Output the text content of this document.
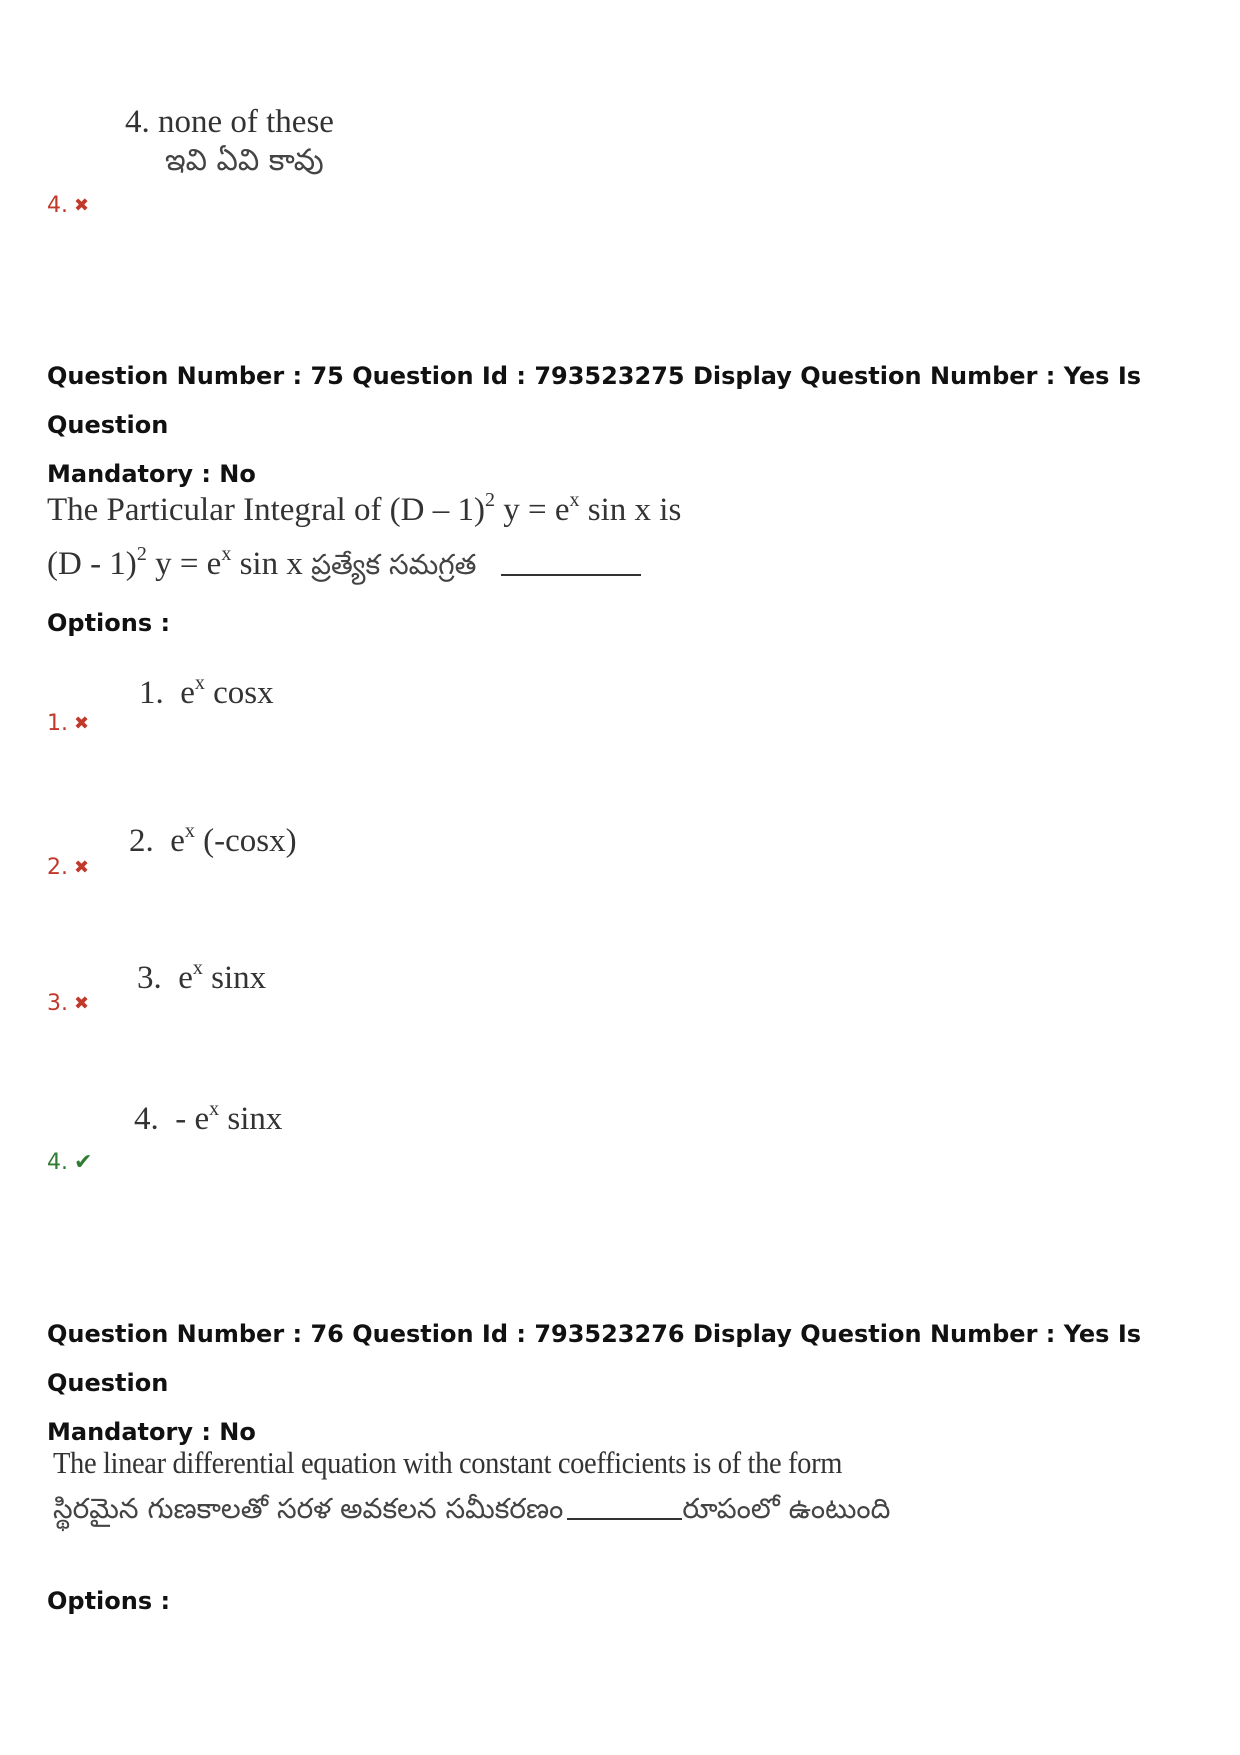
4. none of these
ఇవి ఏవి కావు
4. ✖
Question Number : 75 Question Id : 793523275 Display Question Number : Yes Is Question
Mandatory : No
The Particular Integral of (D – 1)$^2$ $y = e^x$ sin x is
(D - 1)$^2$ $y = e^x$ sin x ప్రత్యేక సమగ్రత
Options :
1. $e^x$ cosx
1. ✖
2. $e^x$ (-cosx)
2. ✖
3. $e^x$ sinx
3. ✖
4. - $e^x$ sinx
4. ✔
Question Number : 76 Question Id : 793523276 Display Question Number : Yes Is Question
Mandatory : No
The linear differential equation with constant coefficients is of the form
స్థిరమైన గుణకాలతో సరళ అవకలన సమీకరణం	రూపంలో ఉంటుంది
Options :
